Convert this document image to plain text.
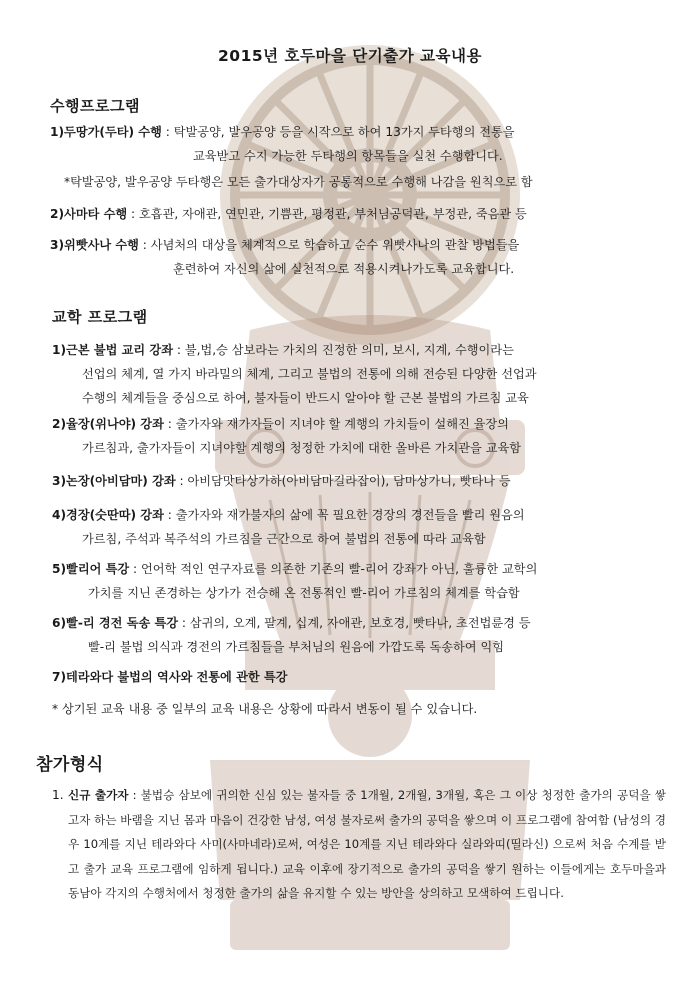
2015년 호두마을 단기출가 교육내용
수행프로그램
1)두땅가(두타) 수행 : 탁발공양, 발우공양 등을 시작으로 하여 13가지 두타행의 전통을
교육받고 수지 가능한 두타행의 항목들을 실천 수행합니다.
*탁발공양, 발우공양 두타행은 모든 출가대상자가 공통적으로 수행해 나감을 원칙으로 함
2)사마타 수행 : 호흡관, 자애관, 연민관, 기쁨관, 평정관, 부처님공덕관, 부정관, 죽음관 등
3)위빳사나 수행 : 사념처의 대상을 체계적으로 학습하고 순수 위빳사나의 관찰 방법들을
훈련하여 자신의 삶에 실천적으로 적용시켜나가도록 교육합니다.
교학 프로그램
1)근본 불법 교리 강좌 : 불,법,승 삼보라는 가치의 진정한 의미, 보시, 지계, 수행이라는
선업의 체계, 열 가지 바라밀의 체계, 그리고 불법의 전통에 의해 전승된 다양한 선업과
수행의 체계들을 중심으로 하여, 불자들이 반드시 알아야 할 근본 불법의 가르침 교육
2)율장(위나야) 강좌 : 출가자와 재가자들이 지녀야 할 계행의 가치들이 설해진 율장의
가르침과, 출가자들이 지녀야할 계행의 청정한 가치에 대한 올바른 가치관을 교육함
3)논장(아비담마) 강좌 : 아비담맛타상가하(아비담마길라잡이), 담마상가니, 빳타나 등
4)경장(숫딴따) 강좌 : 출가자와 재가불자의 삶에 꼭 필요한 경장의 경전들을 빨리 원음의
가르침, 주석과 복주석의 가르침을 근간으로 하여 불법의 전통에 따라 교육함
5)빨리어 특강 : 언어학 적인 연구자료를 의존한 기존의 빨-리어 강좌가 아닌, 훌륭한 교학의
가치를 지닌 존경하는 상가가 전승해 온 전통적인 빨-리어 가르침의 체계를 학습함
6)빨-리 경전 독송 특강 : 삼귀의, 오계, 팔계, 십계, 자애관, 보호경, 빳타나, 초전법륜경 등
빨-리 불법 의식과 경전의 가르침들을 부처님의 원음에 가깝도록 독송하여 익힘
7)테라와다 불법의 역사와 전통에 관한 특강
* 상기된 교육 내용 중 일부의 교육 내용은 상황에 따라서 변동이 될 수 있습니다.
참가형식
1. 신규 출가자 : 불법승 삼보에 귀의한 신심 있는 불자들 중 1개월, 2개월, 3개월, 혹은 그 이상 청정한 출가의 공덕을 쌓고자 하는 바램을 지닌 몸과 마음이 건강한 남성, 여성 불자로써 출가의 공덕을 쌓으며 이 프로그램에 참여함 (남성의 경우 10계를 지닌 테라와다 사미(사마네라)로써, 여성은 10계를 지닌 테라와다 실라와띠(띨라신) 으로써 처음 수계를 받고 출가 교육 프로그램에 임하게 됩니다.) 교육 이후에 장기적으로 출가의 공덕을 쌓기 원하는 이들에게는 호두마을과 동남아 각지의 수행처에서 청정한 출가의 삶을 유지할 수 있는 방안을 상의하고 모색하여 드립니다.
